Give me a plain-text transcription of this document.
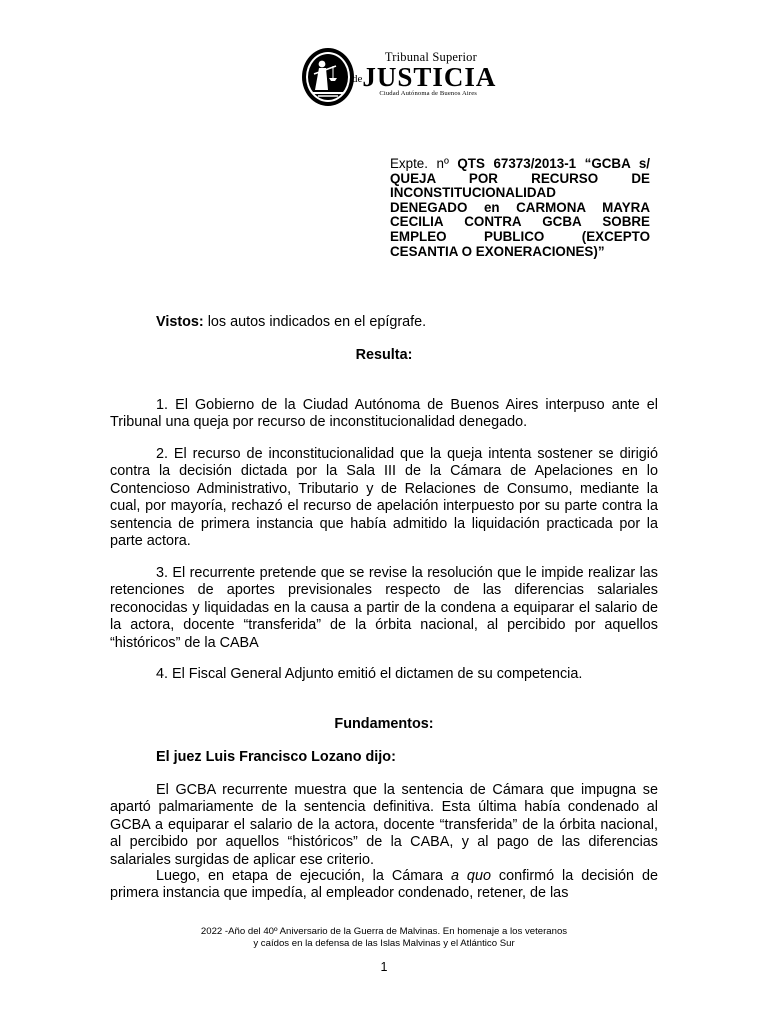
Tribunal Superior
$^{de}$JUSTICIA
Ciudad Autónoma de Buenos Aires
Expte. nº QTS 67373/2013-1 “GCBA s/
QUEJA POR RECURSO DE
INCONSTITUCIONALIDAD
DENEGADO en CARMONA MAYRA
CECILIA CONTRA GCBA SOBRE
EMPLEO PUBLICO (EXCEPTO
CESANTIA O EXONERACIONES)”

Vistos: los autos indicados en el epígrafe.

Resulta:

1. El Gobierno de la Ciudad Autónoma de Buenos Aires interpuso ante el Tribunal una queja por recurso de inconstitucionalidad denegado.

2. El recurso de inconstitucionalidad que la queja intenta sostener se dirigió contra la decisión dictada por la Sala III de la Cámara de Apelaciones en lo Contencioso Administrativo, Tributario y de Relaciones de Consumo, mediante la cual, por mayoría, rechazó el recurso de apelación interpuesto por su parte contra la sentencia de primera instancia que había admitido la liquidación practicada por la parte actora.

3. El recurrente pretende que se revise la resolución que le impide realizar las retenciones de aportes previsionales respecto de las diferencias salariales reconocidas y liquidadas en la causa a partir de la condena a equiparar el salario de la actora, docente “transferida” de la órbita nacional, al percibido por aquellos “históricos” de la CABA

4. El Fiscal General Adjunto emitió el dictamen de su competencia.

Fundamentos:

El juez Luis Francisco Lozano dijo:

El GCBA recurrente muestra que la sentencia de Cámara que impugna se apartó palmariamente de la sentencia definitiva. Esta última había condenado al GCBA a equiparar el salario de la actora, docente “transferida” de la órbita nacional, al percibido por aquellos “históricos” de la CABA, y al pago de las diferencias salariales surgidas de aplicar ese criterio.

Luego, en etapa de ejecución, la Cámara a quo confirmó la decisión de primera instancia que impedía, al empleador condenado, retener, de las

2022 -Año del 40º Aniversario de la Guerra de Malvinas. En homenaje a los veteranos
y caídos en la defensa de las Islas Malvinas y el Atlántico Sur
1
